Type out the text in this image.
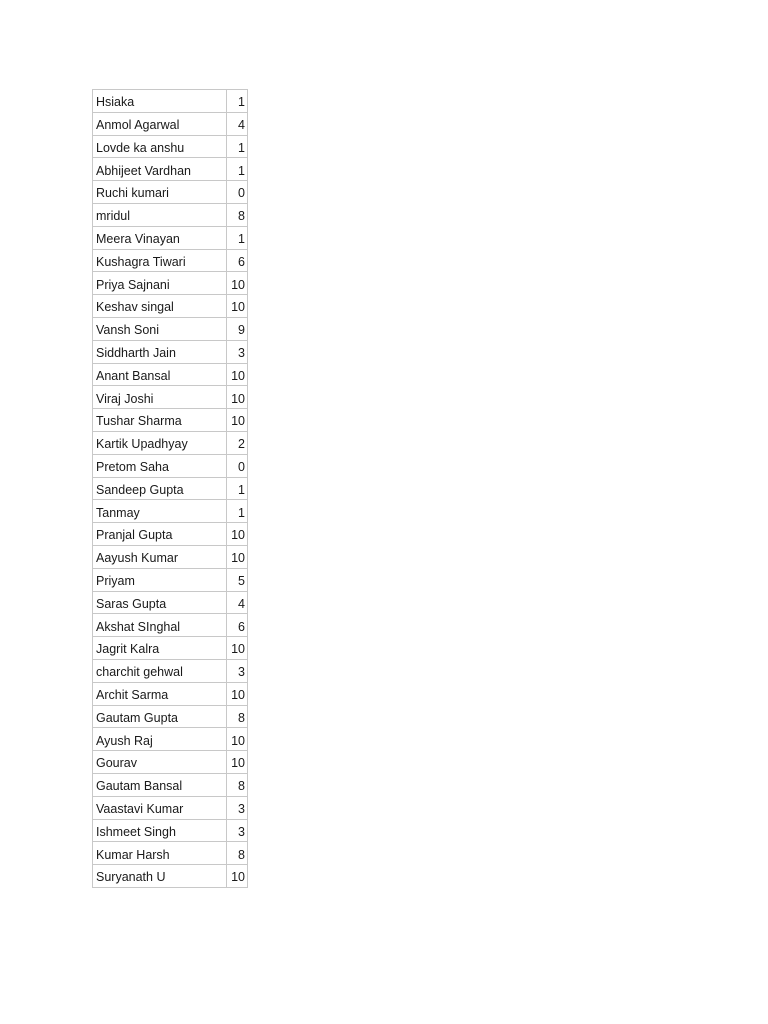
Hsiaka	1
Anmol Agarwal	4
Lovde ka anshu	1
Abhijeet Vardhan	1
Ruchi kumari	0
mridul	8
Meera Vinayan	1
Kushagra Tiwari	6
Priya Sajnani	10
Keshav singal	10
Vansh Soni	9
Siddharth Jain	3
Anant Bansal	10
Viraj Joshi	10
Tushar Sharma	10
Kartik Upadhyay	2
Pretom Saha	0
Sandeep Gupta	1
Tanmay	1
Pranjal Gupta	10
Aayush Kumar	10
Priyam	5
Saras Gupta	4
Akshat SInghal	6
Jagrit Kalra	10
charchit gehwal	3
Archit Sarma	10
Gautam Gupta	8
Ayush Raj	10
Gourav	10
Gautam Bansal	8
Vaastavi Kumar	3
Ishmeet Singh	3
Kumar Harsh	8
Suryanath U	10
